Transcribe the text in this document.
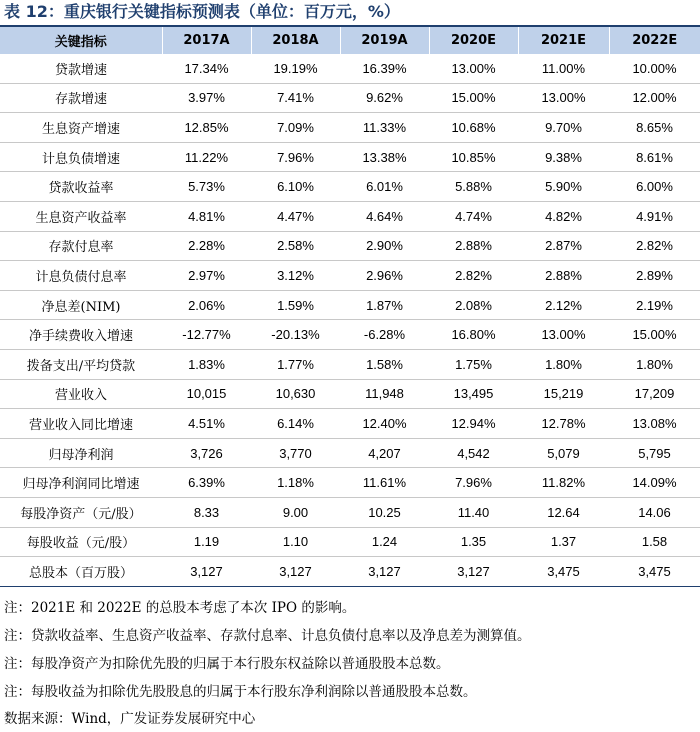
表 12：重庆银行关键指标预测表（单位：百万元，%）
关键指标	2017A	2018A	2019A	2020E	2021E	2022E
贷款增速	17.34%	19.19%	16.39%	13.00%	11.00%	10.00%
存款增速	3.97%	7.41%	9.62%	15.00%	13.00%	12.00%
生息资产增速	12.85%	7.09%	11.33%	10.68%	9.70%	8.65%
计息负债增速	11.22%	7.96%	13.38%	10.85%	9.38%	8.61%
贷款收益率	5.73%	6.10%	6.01%	5.88%	5.90%	6.00%
生息资产收益率	4.81%	4.47%	4.64%	4.74%	4.82%	4.91%
存款付息率	2.28%	2.58%	2.90%	2.88%	2.87%	2.82%
计息负债付息率	2.97%	3.12%	2.96%	2.82%	2.88%	2.89%
净息差(NIM)	2.06%	1.59%	1.87%	2.08%	2.12%	2.19%
净手续费收入增速	-12.77%	-20.13%	-6.28%	16.80%	13.00%	15.00%
拨备支出/平均贷款	1.83%	1.77%	1.58%	1.75%	1.80%	1.80%
营业收入	10,015	10,630	11,948	13,495	15,219	17,209
营业收入同比增速	4.51%	6.14%	12.40%	12.94%	12.78%	13.08%
归母净利润	3,726	3,770	4,207	4,542	5,079	5,795
归母净利润同比增速	6.39%	1.18%	11.61%	7.96%	11.82%	14.09%
每股净资产（元/股）	8.33	9.00	10.25	11.40	12.64	14.06
每股收益（元/股）	1.19	1.10	1.24	1.35	1.37	1.58
总股本（百万股）	3,127	3,127	3,127	3,127	3,475	3,475
注：2021E 和 2022E 的总股本考虑了本次 IPO 的影响。
注：贷款收益率、生息资产收益率、存款付息率、计息负债付息率以及净息差为测算值。
注：每股净资产为扣除优先股的归属于本行股东权益除以普通股股本总数。
注：每股收益为扣除优先股股息的归属于本行股东净利润除以普通股股本总数。
数据来源：Wind，广发证券发展研究中心
